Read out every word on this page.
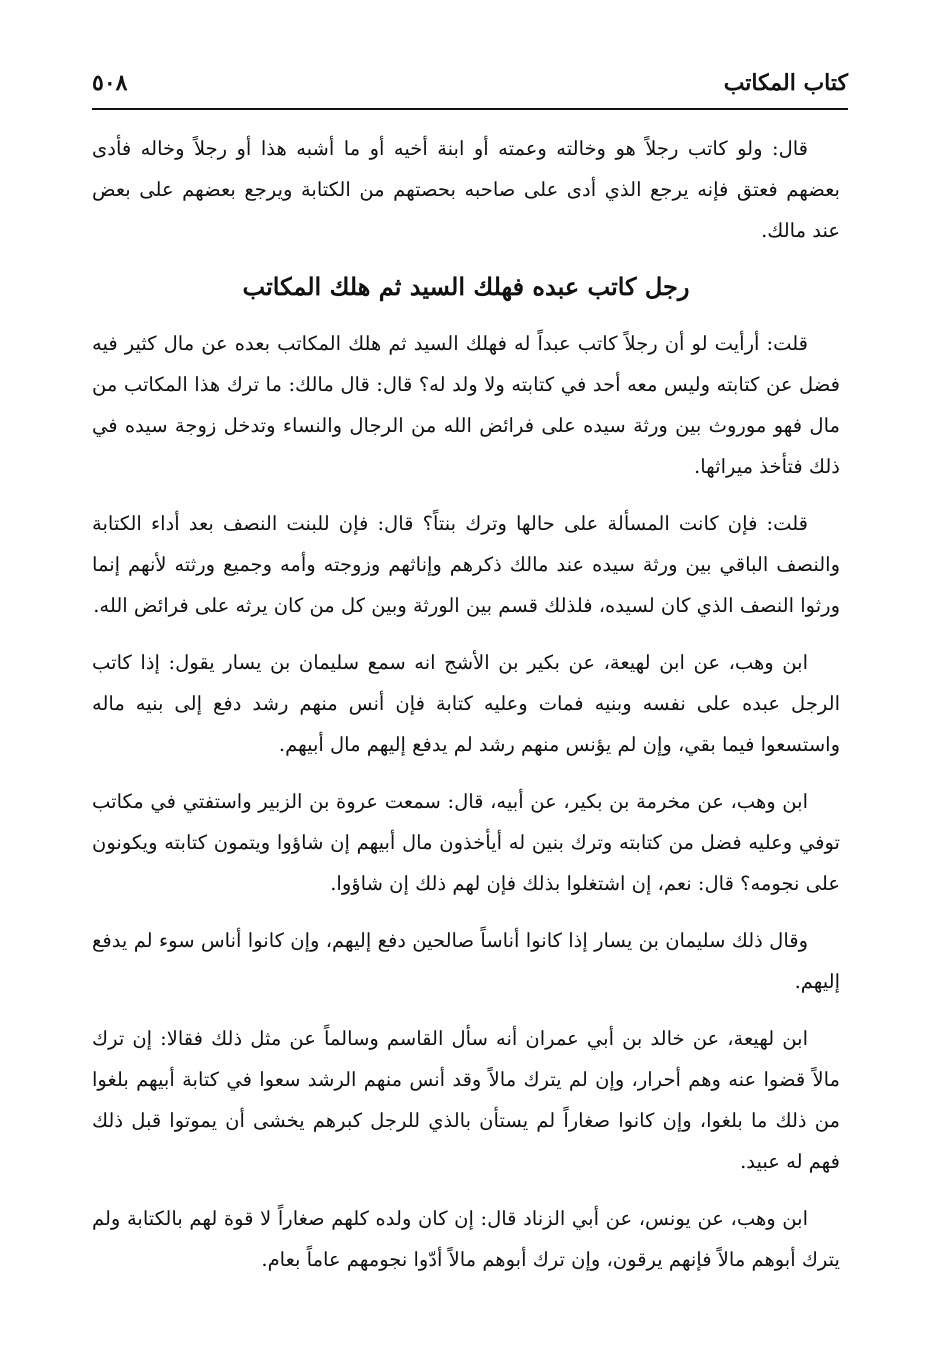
كتاب المكاتب
٥٠٨

قال: ولو كاتب رجلاً هو وخالته وعمته أو ابنة أخيه أو ما أشبه هذا أو رجلاً وخاله فأدى بعضهم فعتق فإنه يرجع الذي أدى على صاحبه بحصتهم من الكتابة ويرجع بعضهم على بعض عند مالك.

رجل كاتب عبده فهلك السيد ثم هلك المكاتب

قلت: أرأيت لو أن رجلاً كاتب عبداً له فهلك السيد ثم هلك المكاتب بعده عن مال كثير فيه فضل عن كتابته وليس معه أحد في كتابته ولا ولد له؟ قال: قال مالك: ما ترك هذا المكاتب من مال فهو موروث بين ورثة سيده على فرائض الله من الرجال والنساء وتدخل زوجة سيده في ذلك فتأخذ ميراثها.

قلت: فإن كانت المسألة على حالها وترك بنتاً؟ قال: فإن للبنت النصف بعد أداء الكتابة والنصف الباقي بين ورثة سيده عند مالك ذكرهم وإناثهم وزوجته وأمه وجميع ورثته لأنهم إنما ورثوا النصف الذي كان لسيده، فلذلك قسم بين الورثة وبين كل من كان يرثه على فرائض الله.

ابن وهب، عن ابن لهيعة، عن بكير بن الأشج انه سمع سليمان بن يسار يقول: إذا كاتب الرجل عبده على نفسه وبنيه فمات وعليه كتابة فإن أنس منهم رشد دفع إلى بنيه ماله واستسعوا فيما بقي، وإن لم يؤنس منهم رشد لم يدفع إليهم مال أبيهم.

ابن وهب، عن مخرمة بن بكير، عن أبيه، قال: سمعت عروة بن الزبير واستفتي في مكاتب توفي وعليه فضل من كتابته وترك بنين له أيأخذون مال أبيهم إن شاؤوا ويتمون كتابته ويكونون على نجومه؟ قال: نعم، إن اشتغلوا بذلك فإن لهم ذلك إن شاؤوا.

وقال ذلك سليمان بن يسار إذا كانوا أناساً صالحين دفع إليهم، وإن كانوا أناس سوء لم يدفع إليهم.

ابن لهيعة، عن خالد بن أبي عمران أنه سأل القاسم وسالماً عن مثل ذلك فقالا: إن ترك مالاً قضوا عنه وهم أحرار، وإن لم يترك مالاً وقد أنس منهم الرشد سعوا في كتابة أبيهم بلغوا من ذلك ما بلغوا، وإن كانوا صغاراً لم يستأن بالذي للرجل كبرهم يخشى أن يموتوا قبل ذلك فهم له عبيد.

ابن وهب، عن يونس، عن أبي الزناد قال: إن كان ولده كلهم صغاراً لا قوة لهم بالكتابة ولم يترك أبوهم مالاً فإنهم يرقون، وإن ترك أبوهم مالاً أدّوا نجومهم عاماً بعام.
